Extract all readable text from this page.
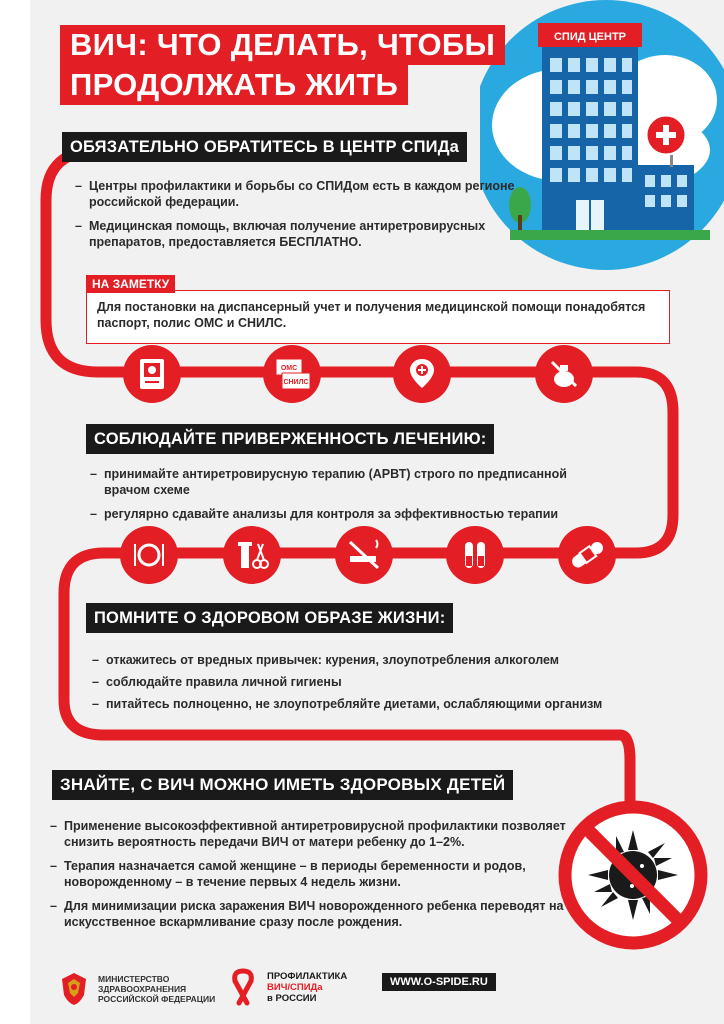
СПИД ЦЕНТР
ВИЧ: ЧТО ДЕЛАТЬ, ЧТОБЫ
ПРОДОЛЖАТЬ ЖИТЬ
ОБЯЗАТЕЛЬНО ОБРАТИТЕСЬ В ЦЕНТР СПИДа
– Центры профилактики и борьбы со СПИДом есть в каждом регионе российской федерации.
– Медицинская помощь, включая получение антиретровирусных препаратов, предоставляется БЕСПЛАТНО.
Для постановки на диспансерный учет и получения медицинской помощи понадобятся паспорт, полис ОМС и СНИЛС.
НА ЗАМЕТКУ
ОМС
СНИЛС
СОБЛЮДАЙТЕ ПРИВЕРЖЕННОСТЬ ЛЕЧЕНИЮ:
– принимайте антиретровирусную терапию (АРВТ) строго по предписанной врачом схеме
– регулярно сдавайте анализы для контроля за эффективностью терапии
ПОМНИТЕ О ЗДОРОВОМ ОБРАЗЕ ЖИЗНИ:
– откажитесь от вредных привычек: курения, злоупотребления алкоголем
– соблюдайте правила личной гигиены
– питайтесь полноценно, не злоупотребляйте диетами, ослабляющими организм
ЗНАЙТЕ, С ВИЧ МОЖНО ИМЕТЬ ЗДОРОВЫХ ДЕТЕЙ
– Применение высокоэффективной антиретровирусной профилактики позволяет снизить вероятность передачи ВИЧ от матери ребенку до 1–2%.
– Терапия назначается самой женщине – в периоды беременности и родов, новорожденному – в течение первых 4 недель жизни.
– Для минимизации риска заражения ВИЧ новорожденного ребенка переводят на искусственное вскармливание сразу после рождения.
МИНИСТЕРСТВО
ЗДРАВООХРАНЕНИЯ
РОССИЙСКОЙ ФЕДЕРАЦИИ
ПРОФИЛАКТИКА
ВИЧ/СПИДа
в РОССИИ
WWW.O-SPIDE.RU
